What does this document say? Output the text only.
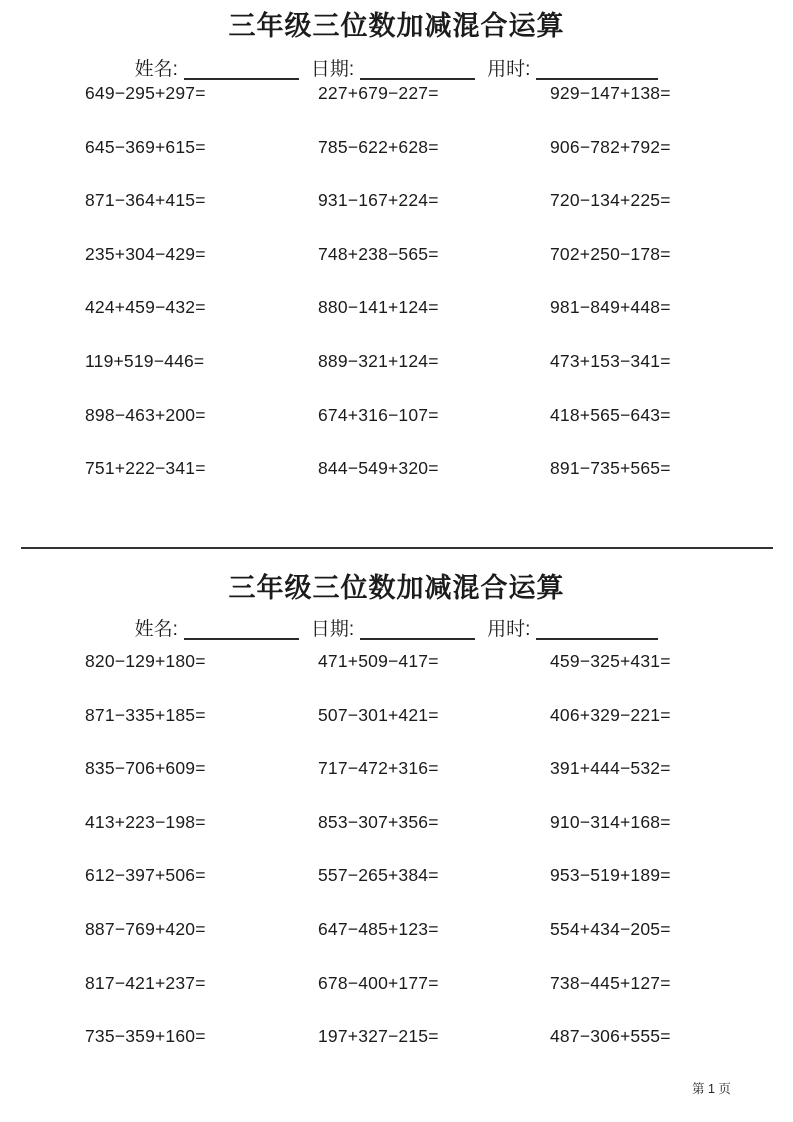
三年级三位数加减混合运算
姓名:	日期:	用时:
649−295+297=	227+679−227=	929−147+138=
645−369+615=	785−622+628=	906−782+792=
871−364+415=	931−167+224=	720−134+225=
235+304−429=	748+238−565=	702+250−178=
424+459−432=	880−141+124=	981−849+448=
119+519−446=	889−321+124=	473+153−341=
898−463+200=	674+316−107=	418+565−643=
751+222−341=	844−549+320=	891−735+565=
三年级三位数加减混合运算
姓名:	日期:	用时:
820−129+180=	471+509−417=	459−325+431=
871−335+185=	507−301+421=	406+329−221=
835−706+609=	717−472+316=	391+444−532=
413+223−198=	853−307+356=	910−314+168=
612−397+506=	557−265+384=	953−519+189=
887−769+420=	647−485+123=	554+434−205=
817−421+237=	678−400+177=	738−445+127=
735−359+160=	197+327−215=	487−306+555=
第 1 页
